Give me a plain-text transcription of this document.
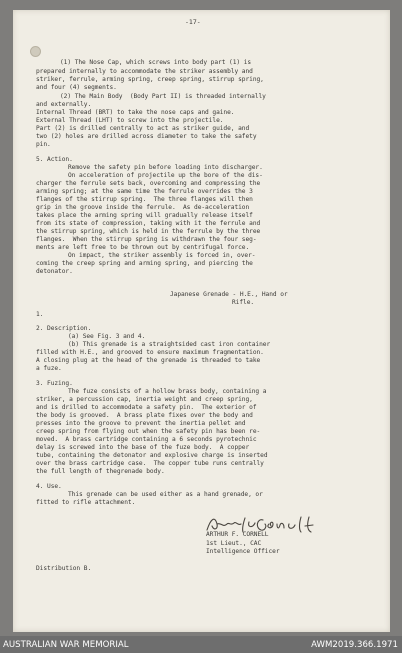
-17-
(1) The Nose Cap, which screws into body part (1) is
prepared internally to accommodate the striker assembly and
striker, ferrule, arming spring, creep spring, stirrup spring,
and four (4) segments.
(2) The Main Body  (Body Part II) is threaded internally
and externally.
Internal Thread (BRT) to take the nose caps and gaine.
External Thread (LHT) to screw into the projectile.
Part (2) is drilled centrally to act as striker guide, and
two (2) holes are drilled across diameter to take the safety
pin.
5. Action.
Remove the safety pin before loading into discharger.
On acceleration of projectile up the bore of the dis-
charger the ferrule sets back, overcoming and compressing the
arming spring; at the same time the ferrule overrides the 3
flanges of the stirrup spring.  The three flanges will then
grip in the groove inside the ferrule.  As de-acceleration
takes place the arming spring will gradually release itself
from its state of compression, taking with it the ferrule and
the stirrup spring, which is held in the ferrule by the three
flanges.  When the stirrup spring is withdrawn the four seg-
ments are left free to be thrown out by centrifugal force.
On impact, the striker assembly is forced in, over-
coming the creep spring and arming spring, and piercing the
detonator.
Japanese Grenade - H.E., Hand or
Rifle.
1.
2. Description.
(a) See Fig. 3 and 4.
(b) This grenade is a straightsided cast iron container
filled with H.E., and grooved to ensure maximum fragmentation.
A closing plug at the head of the grenade is threaded to take
a fuze.
3. Fuzing.
The fuze consists of a hollow brass body, containing a
striker, a percussion cap, inertia weight and creep spring,
and is drilled to accommodate a safety pin.  The exterior of
the body is grooved.  A brass plate fixes over the body and
presses into the groove to prevent the inertia pellet and
creep spring from flying out when the safety pin has been re-
moved.  A brass cartridge containing a 6 seconds pyrotechnic
delay is screwed into the base of the fuze body.  A copper
tube, containing the detonator and explosive charge is inserted
over the brass cartridge case.  The copper tube runs centrally
the full length of thegrenade body.
4. Use.
This grenade can be used either as a hand grenade, or
fitted to rifle attachment.
ARTHUR F. CORNELL
1st Lieut., CAC
Intelligence Officer
Distribution B.
AUSTRALIAN WAR MEMORIAL	AWM2019.366.1971
